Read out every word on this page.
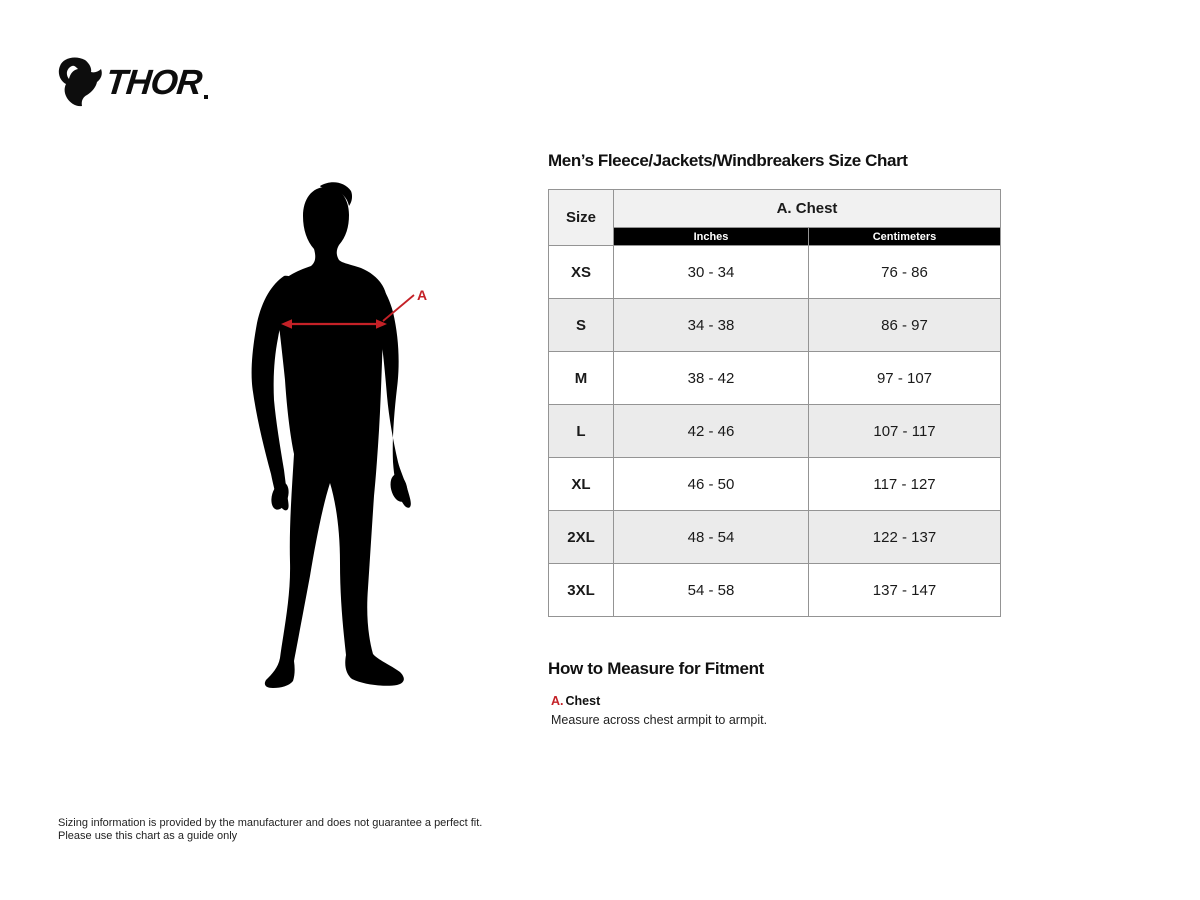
THOR
A
Men’s Fleece/Jackets/Windbreakers Size Chart
Size	A. Chest	
	Inches	Centimeters
XS	30 - 34	76 - 86
S	34 - 38	86 - 97
M	38 - 42	97 - 107
L	42 - 46	107 - 117
XL	46 - 50	117 - 127
2XL	48 - 54	122 - 137
3XL	54 - 58	137 - 147
How to Measure for Fitment
A. Chest
Measure across chest armpit to armpit.
Sizing information is provided by the manufacturer and does not guarantee a perfect fit.
Please use this chart as a guide only
